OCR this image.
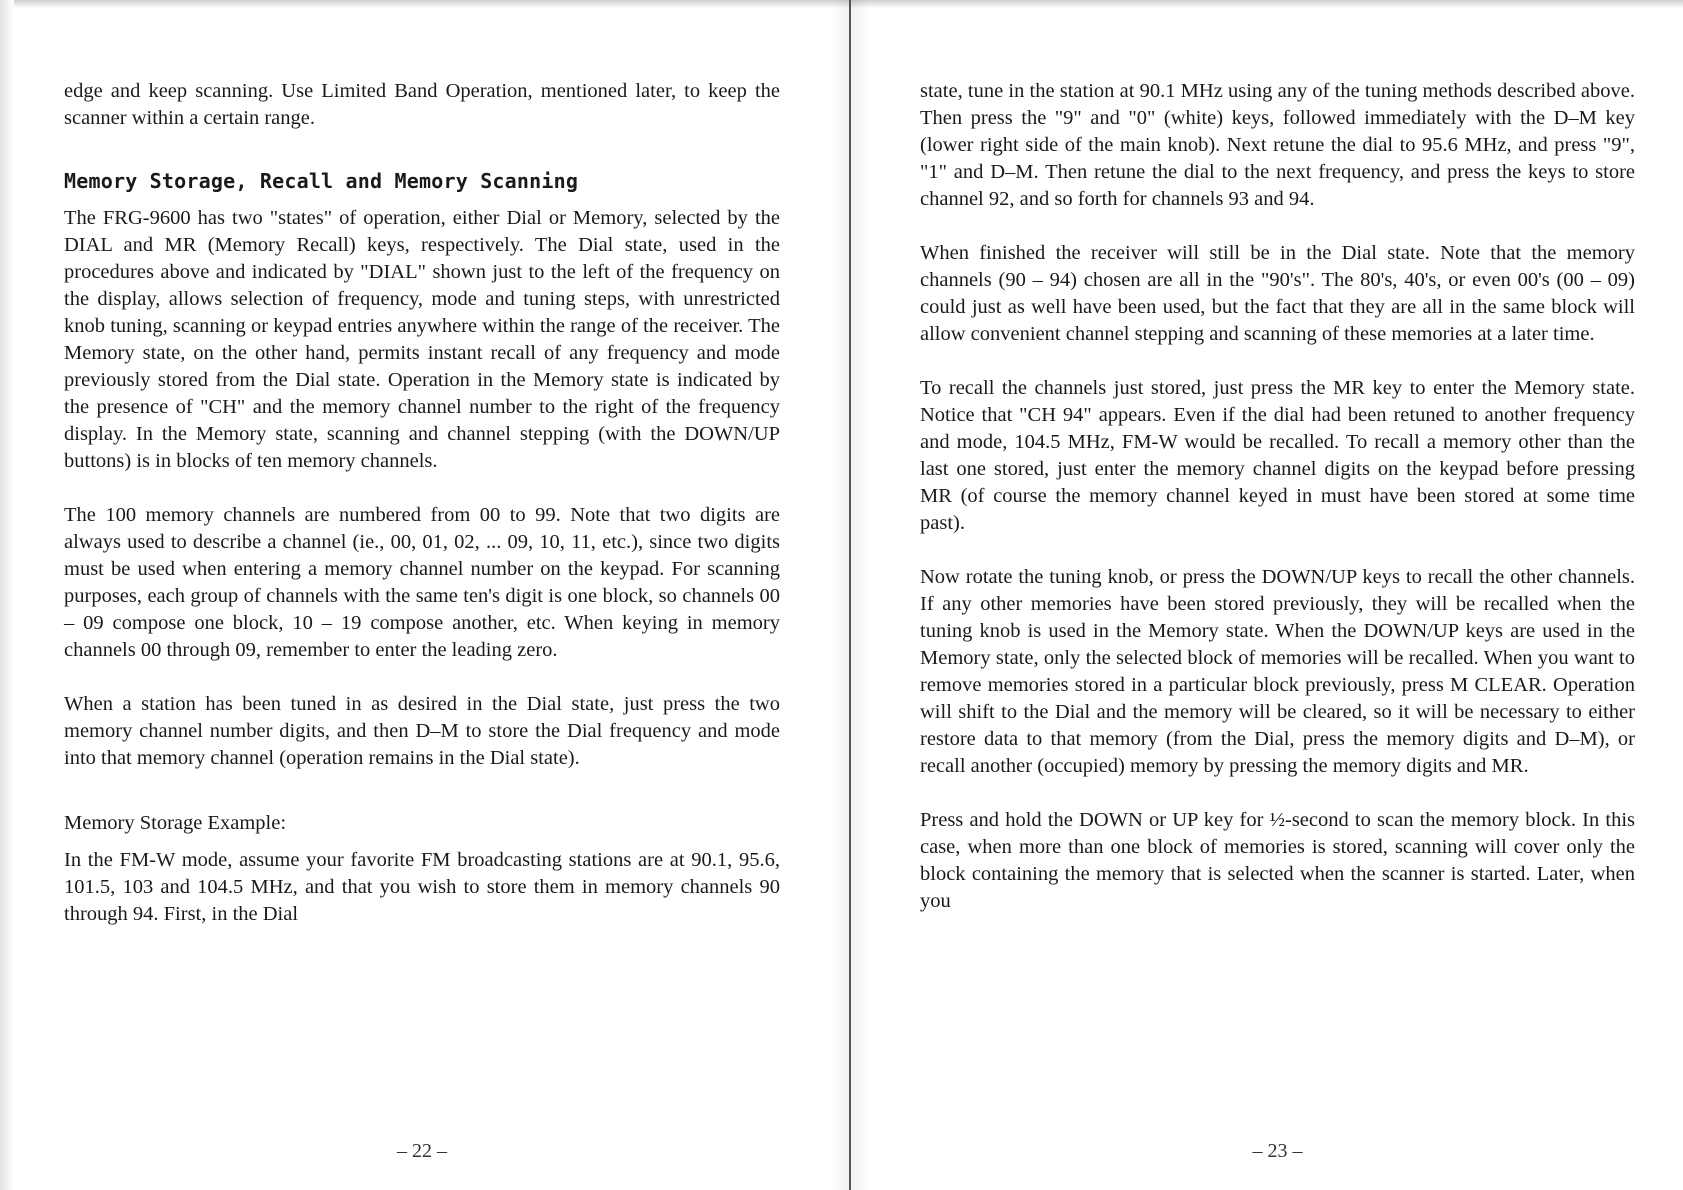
edge and keep scanning. Use Limited Band Operation, mentioned later, to keep the scanner within a certain range.

Memory Storage, Recall and Memory Scanning

The FRG-9600 has two "states" of operation, either Dial or Memory, selected by the DIAL and MR (Memory Recall) keys, respectively. The Dial state, used in the procedures above and indicated by "DIAL" shown just to the left of the frequency on the display, allows selection of frequency, mode and tuning steps, with unrestricted knob tuning, scanning or keypad entries anywhere within the range of the receiver. The Memory state, on the other hand, permits instant recall of any frequency and mode previously stored from the Dial state. Operation in the Memory state is indicated by the presence of "CH" and the memory channel number to the right of the frequency display. In the Memory state, scanning and channel stepping (with the DOWN/UP buttons) is in blocks of ten memory channels.

The 100 memory channels are numbered from 00 to 99. Note that two digits are always used to describe a channel (ie., 00, 01, 02, ... 09, 10, 11, etc.), since two digits must be used when entering a memory channel number on the keypad. For scanning purposes, each group of channels with the same ten's digit is one block, so channels 00 – 09 compose one block, 10 – 19 compose another, etc. When keying in memory channels 00 through 09, remember to enter the leading zero.

When a station has been tuned in as desired in the Dial state, just press the two memory channel number digits, and then D–M to store the Dial frequency and mode into that memory channel (operation remains in the Dial state).

Memory Storage Example:

In the FM-W mode, assume your favorite FM broadcasting stations are at 90.1, 95.6, 101.5, 103 and 104.5 MHz, and that you wish to store them in memory channels 90 through 94. First, in the Dial

– 22 –

state, tune in the station at 90.1 MHz using any of the tuning methods described above. Then press the "9" and "0" (white) keys, followed immediately with the D–M key (lower right side of the main knob). Next retune the dial to 95.6 MHz, and press "9", "1" and D–M. Then retune the dial to the next frequency, and press the keys to store channel 92, and so forth for channels 93 and 94.

When finished the receiver will still be in the Dial state. Note that the memory channels (90 – 94) chosen are all in the "90's". The 80's, 40's, or even 00's (00 – 09) could just as well have been used, but the fact that they are all in the same block will allow convenient channel stepping and scanning of these memories at a later time.

To recall the channels just stored, just press the MR key to enter the Memory state. Notice that "CH 94" appears. Even if the dial had been retuned to another frequency and mode, 104.5 MHz, FM-W would be recalled. To recall a memory other than the last one stored, just enter the memory channel digits on the keypad before pressing MR (of course the memory channel keyed in must have been stored at some time past).

Now rotate the tuning knob, or press the DOWN/UP keys to recall the other channels. If any other memories have been stored previously, they will be recalled when the tuning knob is used in the Memory state. When the DOWN/UP keys are used in the Memory state, only the selected block of memories will be recalled. When you want to remove memories stored in a particular block previously, press M CLEAR. Operation will shift to the Dial and the memory will be cleared, so it will be necessary to either restore data to that memory (from the Dial, press the memory digits and D–M), or recall another (occupied) memory by pressing the memory digits and MR.

Press and hold the DOWN or UP key for ½-second to scan the memory block. In this case, when more than one block of memories is stored, scanning will cover only the block containing the memory that is selected when the scanner is started. Later, when you

– 23 –
